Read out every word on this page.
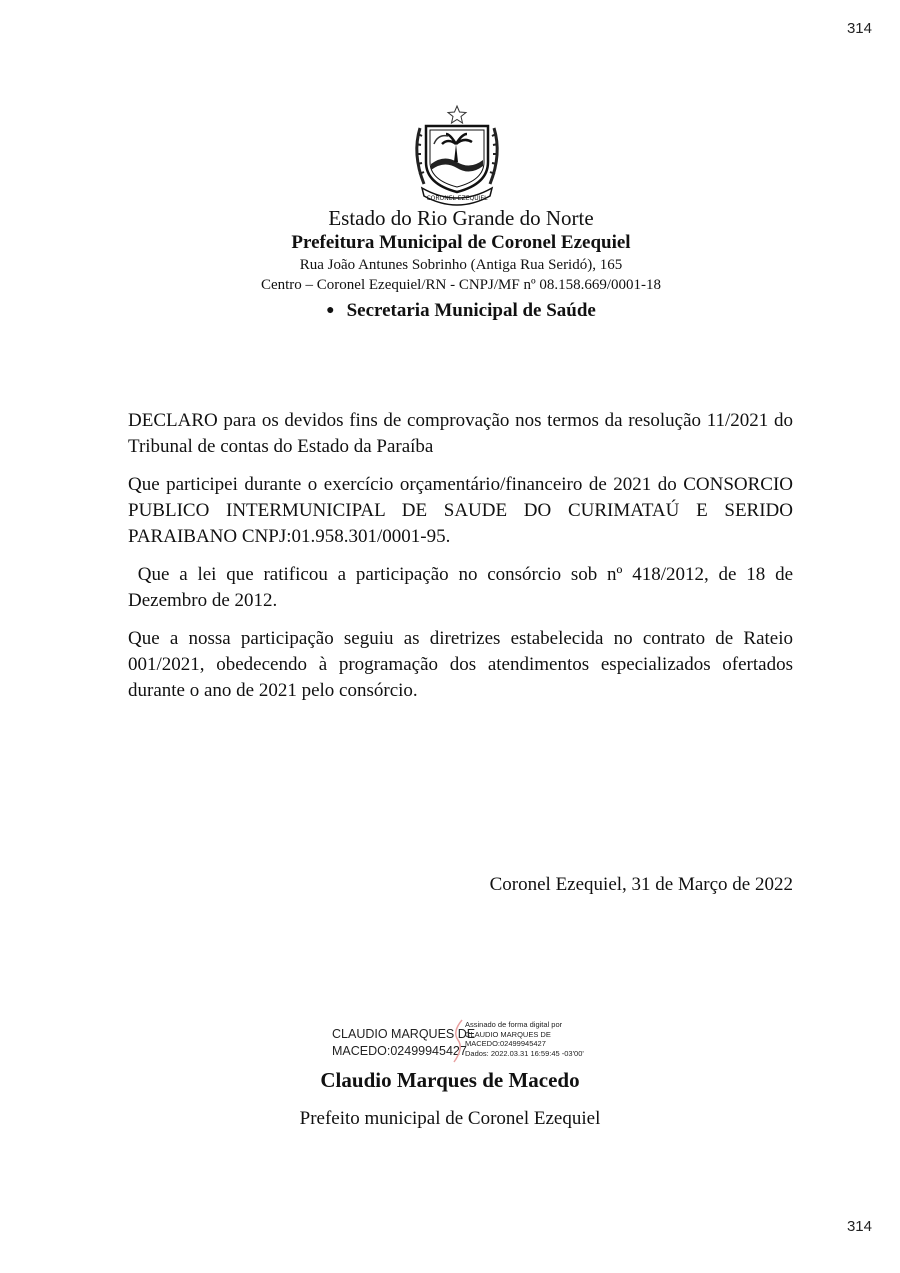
314
CORONEL EZEQUIEL
Estado do Rio Grande do Norte
Prefeitura Municipal de Coronel Ezequiel
Rua João Antunes Sobrinho (Antiga Rua Seridó), 165
Centro – Coronel Ezequiel/RN - CNPJ/MF nº 08.158.669/0001-18
● Secretaria Municipal de Saúde

DECLARO para os devidos fins de comprovação nos termos da resolução 11/2021 do Tribunal de contas do Estado da Paraíba

Que participei durante o exercício orçamentário/financeiro de 2021 do CONSORCIO PUBLICO INTERMUNICIPAL DE SAUDE DO CURIMATAÚ E SERIDO PARAIBANO CNPJ:01.958.301/0001-95.

Que a lei que ratificou a participação no consórcio sob nº 418/2012, de 18 de Dezembro de 2012.

Que a nossa participação seguiu as diretrizes estabelecida no contrato de Rateio 001/2021, obedecendo à programação dos atendimentos especializados ofertados durante o ano de 2021 pelo consórcio.

Coronel Ezequiel, 31 de Março de 2022
CLAUDIO MARQUES DE
MACEDO:02499945427
Assinado de forma digital por
CLAUDIO MARQUES DE
MACEDO:02499945427
Dados: 2022.03.31 16:59:45 -03'00'
Claudio Marques de Macedo
Prefeito municipal de Coronel Ezequiel
314
